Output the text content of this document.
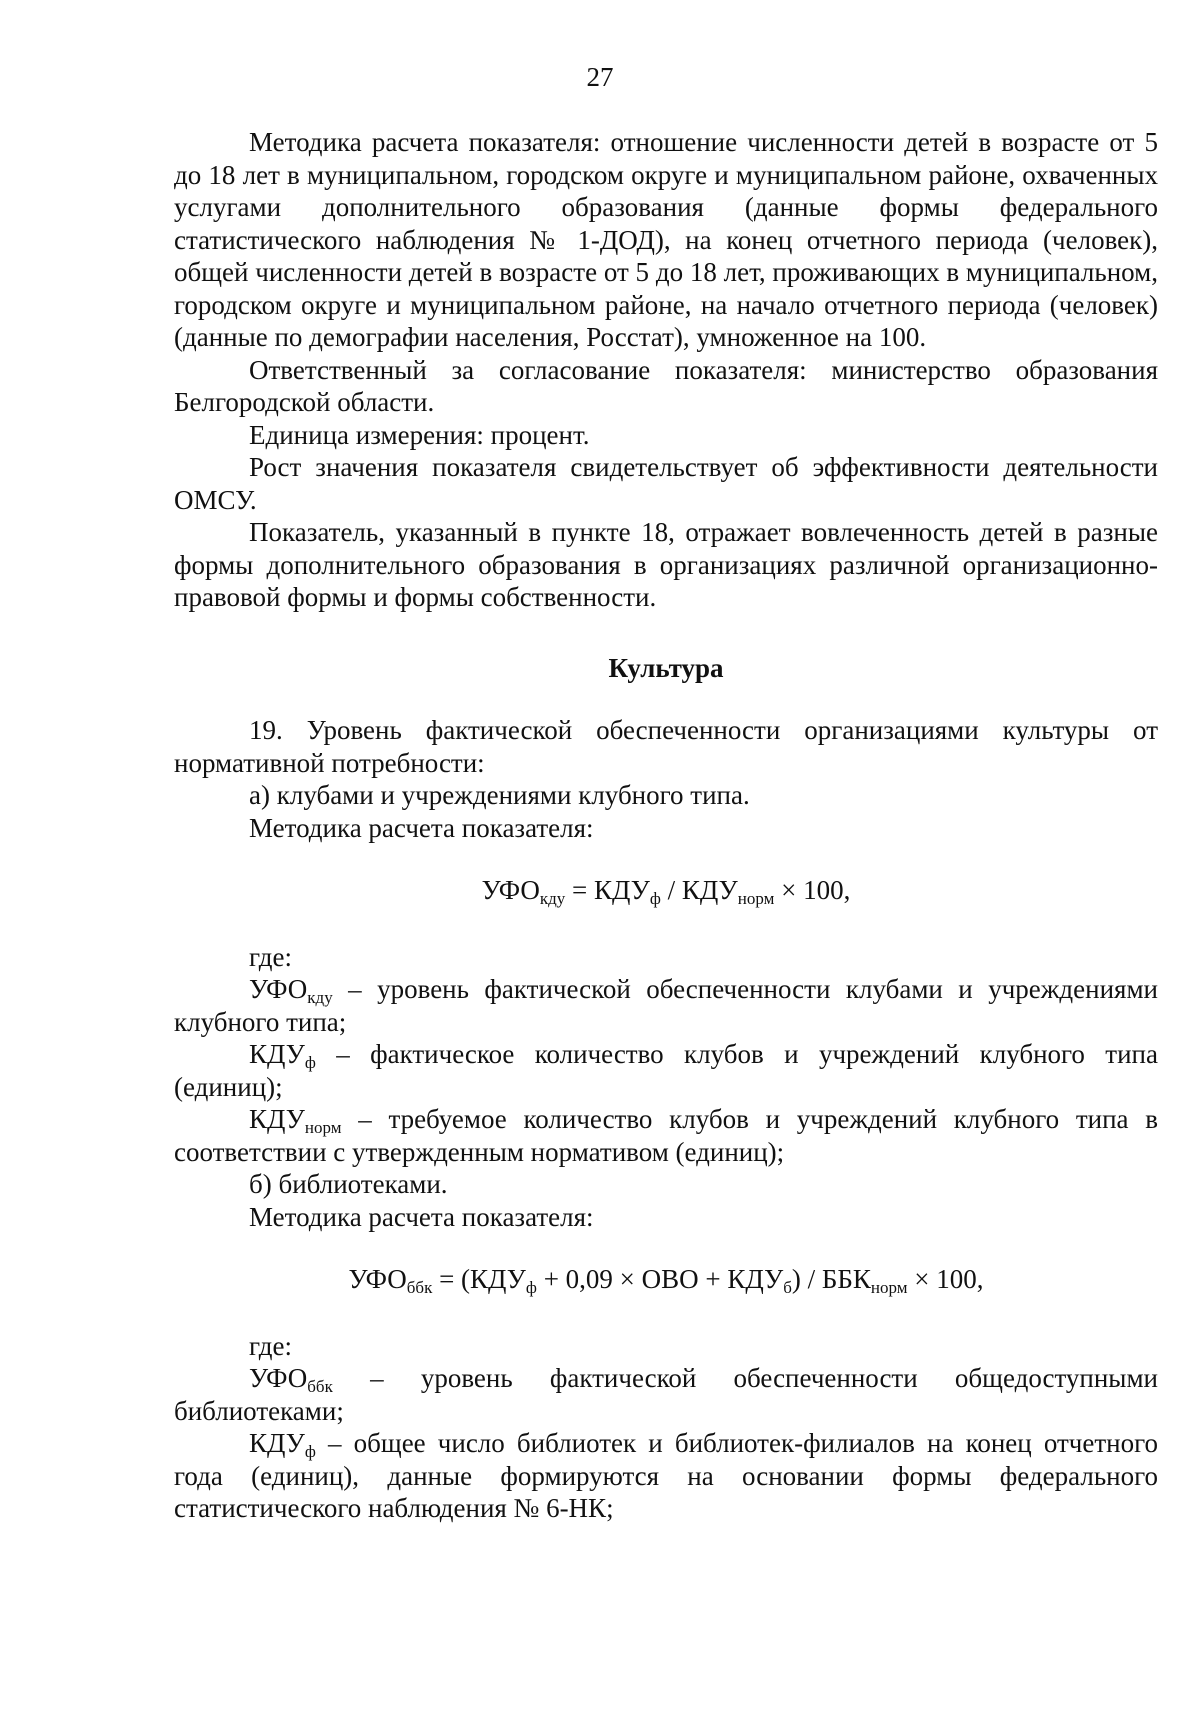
27

Методика расчета показателя: отношение численности детей в возрасте от 5 до 18 лет в муниципальном, городском округе и муниципальном районе, охваченных услугами дополнительного образования (данные формы федерального статистического наблюдения № 1-ДОД), на конец отчетного периода (человек), общей численности детей в возрасте от 5 до 18 лет, проживающих в муниципальном, городском округе и муниципальном районе, на начало отчетного периода (человек) (данные по демографии населения, Росстат), умноженное на 100.

Ответственный за согласование показателя: министерство образования Белгородской области.

Единица измерения: процент.

Рост значения показателя свидетельствует об эффективности деятельности ОМСУ.

Показатель, указанный в пункте 18, отражает вовлеченность детей в разные формы дополнительного образования в организациях различной организационно-правовой формы и формы собственности.

Культура

19. Уровень фактической обеспеченности организациями культуры от нормативной потребности:

а) клубами и учреждениями клубного типа.

Методика расчета показателя:

$УФО_{кду} = КДУ_ф / КДУ_{норм} \times 100$,

где:

$УФО_{кду}$ – уровень фактической обеспеченности клубами и учреждениями клубного типа;

$КДУ_ф$ – фактическое количество клубов и учреждений клубного типа (единиц);

$КДУ_{норм}$ – требуемое количество клубов и учреждений клубного типа в соответствии с утвержденным нормативом (единиц);

б) библиотеками.

Методика расчета показателя:

$УФО_{ббк} = (КДУ_ф + 0,09$ × ОВО + $КДУ_б) / ББК_{норм} \times 100$,

где:

$УФО_{ббк}$ – уровень фактической обеспеченности общедоступными библиотеками;

$КДУ_ф$ – общее число библиотек и библиотек-филиалов на конец отчетного года (единиц), данные формируются на основании формы федерального статистического наблюдения № 6-НК;
